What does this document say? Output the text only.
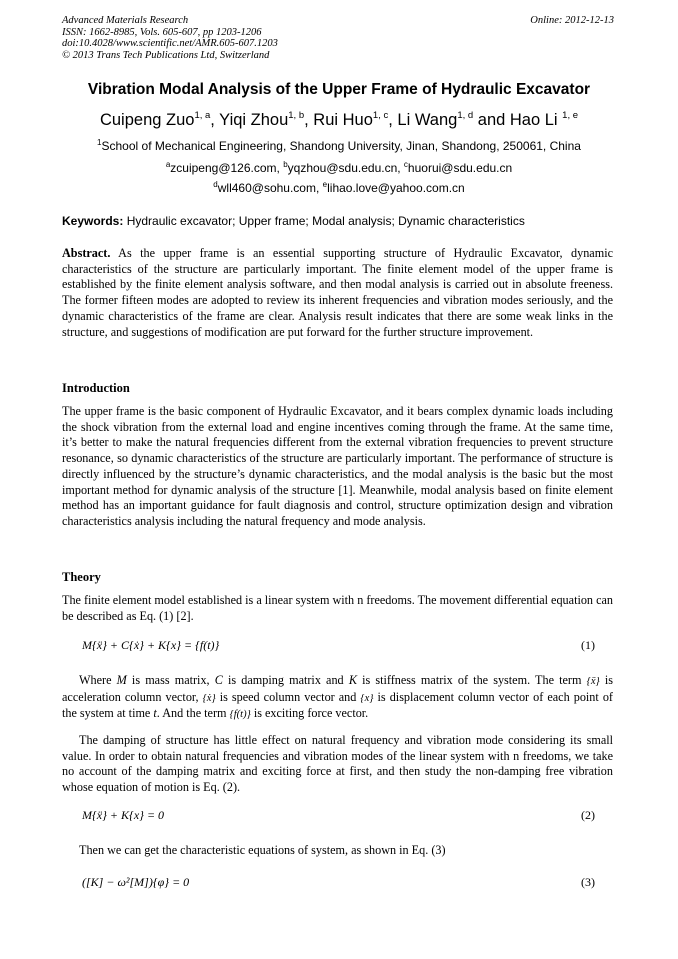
Advanced Materials Research
ISSN: 1662-8985, Vols. 605-607, pp 1203-1206
doi:10.4028/www.scientific.net/AMR.605-607.1203
© 2013 Trans Tech Publications Ltd, Switzerland
Online: 2012-12-13
Vibration Modal Analysis of the Upper Frame of Hydraulic Excavator
Cuipeng Zuo$^{1, a}$, Yiqi Zhou$^{1, b}$, Rui Huo$^{1, c}$, Li Wang$^{1, d}$ and Hao Li $^{1, e}$
$^1$School of Mechanical Engineering, Shandong University, Jinan, Shandong, 250061, China
$^a$zcuipeng@126.com, $^b$yqzhou@sdu.edu.cn, $^c$huorui@sdu.edu.cn
$^d$wll460@sohu.com, $^e$lihao.love@yahoo.com.cn
Keywords: Hydraulic excavator; Upper frame; Modal analysis; Dynamic characteristics
Abstract. As the upper frame is an essential supporting structure of Hydraulic Excavator, dynamic characteristics of the structure are particularly important. The finite element model of the upper frame is established by the finite element analysis software, and then modal analysis is carried out in absolute freeness. The former fifteen modes are adopted to review its inherent frequencies and vibration modes seriously, and the dynamic characteristics of the frame are clear. Analysis result indicates that there are some weak links in the structure, and suggestions of modification are put forward for the further structure improvement.
Introduction
The upper frame is the basic component of Hydraulic Excavator, and it bears complex dynamic loads including the shock vibration from the external load and engine incentives coming through the frame. At the same time, it’s better to make the natural frequencies different from the external vibration frequencies to prevent structure resonance, so dynamic characteristics of the structure are particularly important. The performance of structure is directly influenced by the structure’s dynamic characteristics, and the modal analysis is the basic but the most important method for dynamic analysis of the structure [1]. Meanwhile, modal analysis based on finite element method has an important guidance for fault diagnosis and control, structure optimization design and vibration characteristics analysis including the natural frequency and mode analysis.
Theory
The finite element model established is a linear system with n freedoms. The movement differential equation can be described as Eq. (1) [2].
M{ẍ} + C{ẋ} + K{x} = {f(t)}	(1)
Where M is mass matrix, C is damping matrix and K is stiffness matrix of the system. The term {ẍ} is acceleration column vector, {ẋ} is speed column vector and {x} is displacement column vector of each point of the system at time t. And the term {f(t)} is exciting force vector.
The damping of structure has little effect on natural frequency and vibration mode considering its small value. In order to obtain natural frequencies and vibration modes of the linear system with n freedoms, we take no account of the damping matrix and exciting force at first, and then study the non-damping free vibration whose equation of motion is Eq. (2).
M{ẍ} + K{x} = 0	(2)
Then we can get the characteristic equations of system, as shown in Eq. (3)
([K] − ω²[M]){φ} = 0	(3)
